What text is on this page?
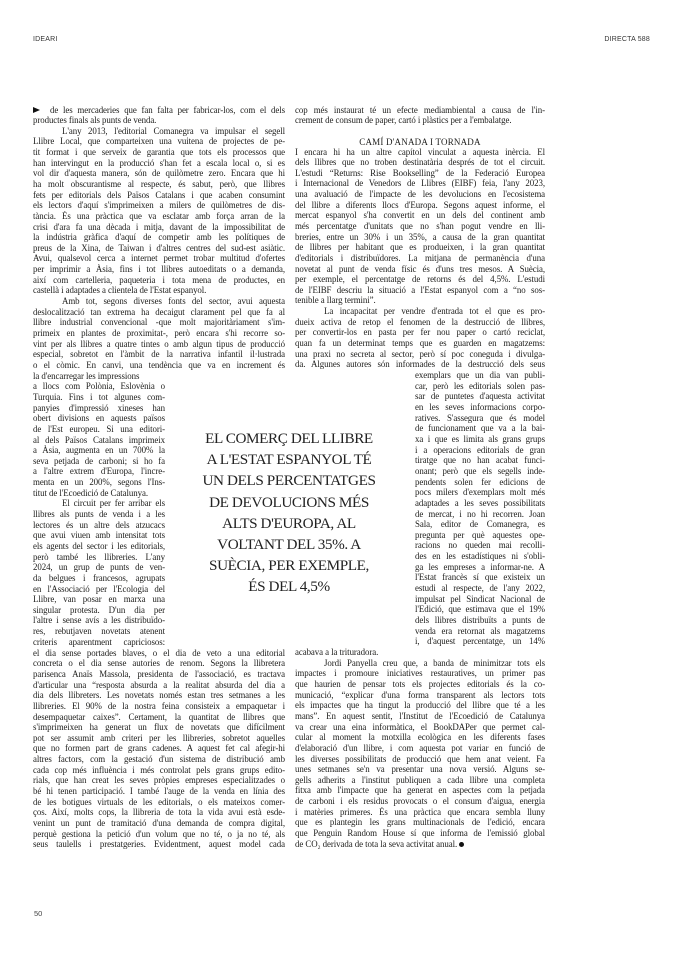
IDEARI	DIRECTA 588
de les mercaderies que fan falta per fabricar-los, com el dels
productes finals als punts de venda.
L'any 2013, l'editorial Comanegra va impulsar el segell
Llibre Local, que comparteixen una vuitena de projectes de pe-
tit format i que serveix de garantia que tots els processos que
han intervingut en la producció s'han fet a escala local o, si es
vol dir d'aquesta manera, són de quilòmetre zero. Encara que hi
ha molt obscurantisme al respecte, és sabut, però, que llibres
fets per editorials dels Països Catalans i que acaben consumint
els lectors d'aquí s'imprimeixen a milers de quilòmetres de dis-
tància. És una pràctica que va esclatar amb força arran de la
crisi d'ara fa una dècada i mitja, davant de la impossibilitat de
la indústria gràfica d'aquí de competir amb les polítiques de
preus de la Xina, de Taiwan i d'altres centres del sud-est asiàtic.
Avui, qualsevol cerca a internet permet trobar multitud d'ofertes
per imprimir a Àsia, fins i tot llibres autoeditats o a demanda,
així com cartelleria, paqueteria i tota mena de productes, en
castellà i adaptades a clientela de l'Estat espanyol.
Amb tot, segons diverses fonts del sector, avui aquesta
deslocalització tan extrema ha decaigut clarament pel que fa al
llibre industrial convencional -que molt majoritàriament s'im-
primeix en plantes de proximitat-, però encara s'hi recorre so-
vint per als llibres a quatre tintes o amb algun tipus de producció
especial, sobretot en l'àmbit de la narrativa infantil il·lustrada
o el còmic. En canvi, una tendència que va en increment és
la d'encarregar les impressions
a llocs com Polònia, Eslovènia o
Turquia. Fins i tot algunes com-
panyies d'impressió xineses han
obert divisions en aquests països
de l'Est europeu. Si una editori-
al dels Països Catalans imprimeix
a Àsia, augmenta en un 700% la
seva petjada de carboni; si ho fa
a l'altre extrem d'Europa, l'incre-
menta en un 200%, segons l'Ins-
titut de l'Ecoedició de Catalunya.
El circuit per fer arribar els
llibres als punts de venda i a les
lectores és un altre dels atzucacs
que avui viuen amb intensitat tots
els agents del sector i les editorials,
però també les llibreries. L'any
2024, un grup de punts de ven-
da belgues i francesos, agrupats
en l'Associació per l'Ecologia del
Llibre, van posar en marxa una
singular protesta. D'un dia per
l'altre i sense avís a les distribuïdo-
res, rebutjaven novetats atenent
criteris aparentment capriciosos:
el dia sense portades blaves, o el dia de veto a una editorial
concreta o el dia sense autories de renom. Segons la llibretera
parisenca Anaïs Massola, presidenta de l'associació, es tractava
d'articular una “resposta absurda a la realitat absurda del dia a
dia dels llibreters. Les novetats només estan tres setmanes a les
llibreries. El 90% de la nostra feina consisteix a empaquetar i
desempaquetar caixes”. Certament, la quantitat de llibres que
s'imprimeixen ha generat un flux de novetats que difícilment
pot ser assumit amb criteri per les llibreries, sobretot aquelles
que no formen part de grans cadenes. A aquest fet cal afegir-hi
altres factors, com la gestació d'un sistema de distribució amb
cada cop més influència i més controlat pels grans grups edito-
rials, que han creat les seves pròpies empreses especialitzades o
bé hi tenen participació. I també l'auge de la venda en línia des
de les botigues virtuals de les editorials, o els mateixos comer-
ços. Així, molts cops, la llibreria de tota la vida avui està esde-
venint un punt de tramitació d'una demanda de compra digital,
perquè gestiona la petició d'un volum que no té, o ja no té, als
seus taulells i prestatgeries. Evidentment, aquest model cada
cop més instaurat té un efecte mediambiental a causa de l'in-
crement de consum de paper, cartó i plàstics per a l'embalatge.
CAMÍ D'ANADA I TORNADA
I encara hi ha un altre capítol vinculat a aquesta inèrcia. El
dels llibres que no troben destinatària després de tot el circuit.
L'estudi “Returns: Rise Bookselling” de la Federació Europea
i Internacional de Venedors de Llibres (EIBF) feia, l'any 2023,
una avaluació de l'impacte de les devolucions en l'ecosistema
del llibre a diferents llocs d'Europa. Segons aquest informe, el
mercat espanyol s'ha convertit en un dels del continent amb
més percentatge d'unitats que no s'han pogut vendre en lli-
breries, entre un 30% i un 35%, a causa de la gran quantitat
de llibres per habitant que es produeixen, i la gran quantitat
d'editorials i distribuïdores. La mitjana de permanència d'una
novetat al punt de venda físic és d'uns tres mesos. A Suècia,
per exemple, el percentatge de retorns és del 4,5%. L'estudi
de l'EIBF descriu la situació a l'Estat espanyol com a “no sos-
tenible a llarg termini”.
La incapacitat per vendre d'entrada tot el que es pro-
dueix activa de retop el fenomen de la destrucció de llibres,
per convertir-los en pasta per fer nou paper o cartó reciclat,
quan fa un determinat temps que es guarden en magatzems:
una praxi no secreta al sector, però sí poc coneguda i divulga-
da. Algunes autores són informades de la destrucció dels seus
exemplars que un dia van publi-
car, però les editorials solen pas-
sar de puntetes d'aquesta activitat
en les seves informacions corpo-
ratives. S'assegura que és model
de funcionament que va a la bai-
xa i que es limita als grans grups
i a operacions editorials de gran
tiratge que no han acabat funci-
onant; però que els segells inde-
pendents solen fer edicions de
pocs milers d'exemplars molt més
adaptades a les seves possibilitats
de mercat, i no hi recorren. Joan
Sala, editor de Comanegra, es
pregunta per què aquestes ope-
racions no queden mai recolli-
des en les estadístiques ni s'obli-
ga les empreses a informar-ne. A
l'Estat francès sí que existeix un
estudi al respecte, de l'any 2022,
impulsat pel Sindicat Nacional de
l'Edició, que estimava que el 19%
dels llibres distribuïts a punts de
venda era retornat als magatzems
i, d'aquest percentatge, un 14%
acabava a la trituradora.
Jordi Panyella creu que, a banda de minimitzar tots els
impactes i promoure iniciatives restauratives, un primer pas
que haurien de pensar tots els projectes editorials és la co-
municació, “explicar d'una forma transparent als lectors tots
els impactes que ha tingut la producció del llibre que té a les
mans”. En aquest sentit, l'Institut de l'Ecoedició de Catalunya
va crear una eina informàtica, el BookDAPer que permet cal-
cular al moment la motxilla ecològica en les diferents fases
d'elaboració d'un llibre, i com aquesta pot variar en funció de
les diverses possibilitats de producció que hem anat veient. Fa
unes setmanes se'n va presentar una nova versió. Alguns se-
gells adherits a l'institut publiquen a cada llibre una completa
fitxa amb l'impacte que ha generat en aspectes com la petjada
de carboni i els residus provocats o el consum d'aigua, energia
i matèries primeres. És una pràctica que encara sembla lluny
que es plantegin les grans multinacionals de l'edició, encara
que Penguin Random House sí que informa de l'emissió global
de CO₂ derivada de tota la seva activitat anual.
EL COMERÇ DEL LLIBRE
A L'ESTAT ESPANYOL TÉ
UN DELS PERCENTATGES
DE DEVOLUCIONS MÉS
ALTS D'EUROPA, AL
VOLTANT DEL 35%. A
SUÈCIA, PER EXEMPLE,
ÉS DEL 4,5%
50
